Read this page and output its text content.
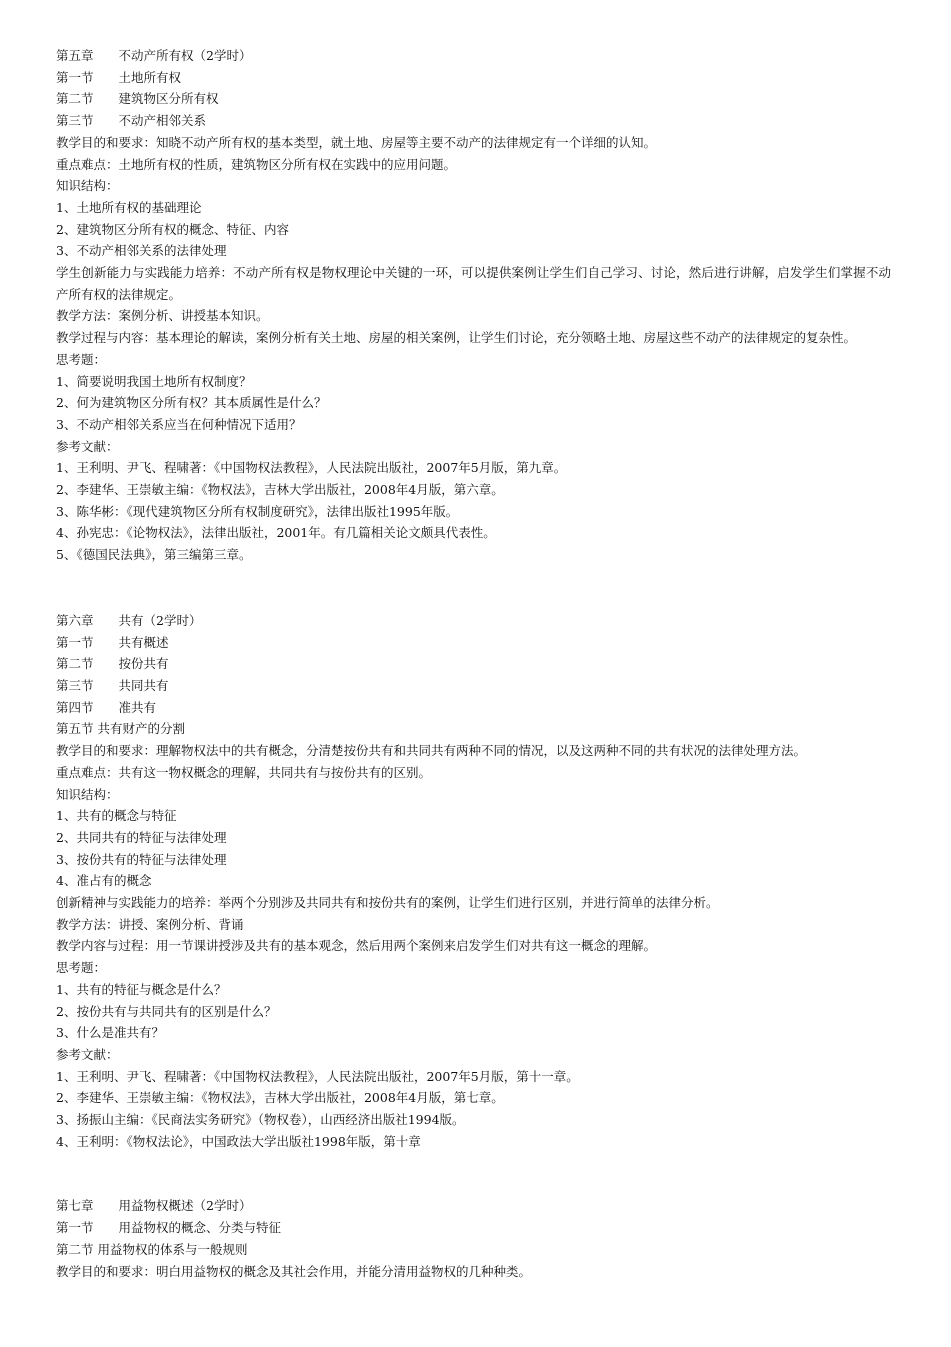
第五章　　不动产所有权（2学时）

第一节　　土地所有权

第二节　　建筑物区分所有权

第三节　　不动产相邻关系

教学目的和要求：知晓不动产所有权的基本类型，就土地、房屋等主要不动产的法律规定有一个详细的认知。

重点难点：土地所有权的性质，建筑物区分所有权在实践中的应用问题。

知识结构：

1、土地所有权的基础理论

2、建筑物区分所有权的概念、特征、内容

3、不动产相邻关系的法律处理

学生创新能力与实践能力培养：不动产所有权是物权理论中关键的一环，可以提供案例让学生们自己学习、讨论，然后进行讲解，启发学生们掌握不动产所有权的法律规定。

教学方法：案例分析、讲授基本知识。

教学过程与内容：基本理论的解读，案例分析有关土地、房屋的相关案例，让学生们讨论，充分领略土地、房屋这些不动产的法律规定的复杂性。

思考题：

1、简要说明我国土地所有权制度？

2、何为建筑物区分所有权？其本质属性是什么？

3、不动产相邻关系应当在何种情况下适用？

参考文献：

1、王利明、尹飞、程啸著：《中国物权法教程》，人民法院出版社，2007年5月版，第九章。

2、李建华、王崇敏主编：《物权法》，吉林大学出版社，2008年4月版，第六章。

3、陈华彬：《现代建筑物区分所有权制度研究》，法律出版社1995年版。

4、孙宪忠：《论物权法》，法律出版社，2001年。有几篇相关论文颇具代表性。

5、《德国民法典》，第三编第三章。

第六章　　共有（2学时）

第一节　　共有概述

第二节　　按份共有

第三节　　共同共有

第四节　　准共有

第五节 共有财产的分割

教学目的和要求：理解物权法中的共有概念，分清楚按份共有和共同共有两种不同的情况，以及这两种不同的共有状况的法律处理方法。

重点难点：共有这一物权概念的理解，共同共有与按份共有的区别。

知识结构：

1、共有的概念与特征

2、共同共有的特征与法律处理

3、按份共有的特征与法律处理

4、准占有的概念

创新精神与实践能力的培养：举两个分别涉及共同共有和按份共有的案例，让学生们进行区别，并进行简单的法律分析。

教学方法：讲授、案例分析、背诵

教学内容与过程：用一节课讲授涉及共有的基本观念，然后用两个案例来启发学生们对共有这一概念的理解。

思考题：

1、共有的特征与概念是什么？

2、按份共有与共同共有的区别是什么？

3、什么是准共有？

参考文献：

1、王利明、尹飞、程啸著：《中国物权法教程》，人民法院出版社，2007年5月版，第十一章。

2、李建华、王崇敏主编：《物权法》，吉林大学出版社，2008年4月版，第七章。

3、扬振山主编：《民商法实务研究》（物权卷），山西经济出版社1994版。

4、王利明：《物权法论》，中国政法大学出版社1998年版，第十章

第七章　　用益物权概述（2学时）

第一节　　用益物权的概念、分类与特征

第二节 用益物权的体系与一般规则

教学目的和要求：明白用益物权的概念及其社会作用，并能分清用益物权的几种种类。
